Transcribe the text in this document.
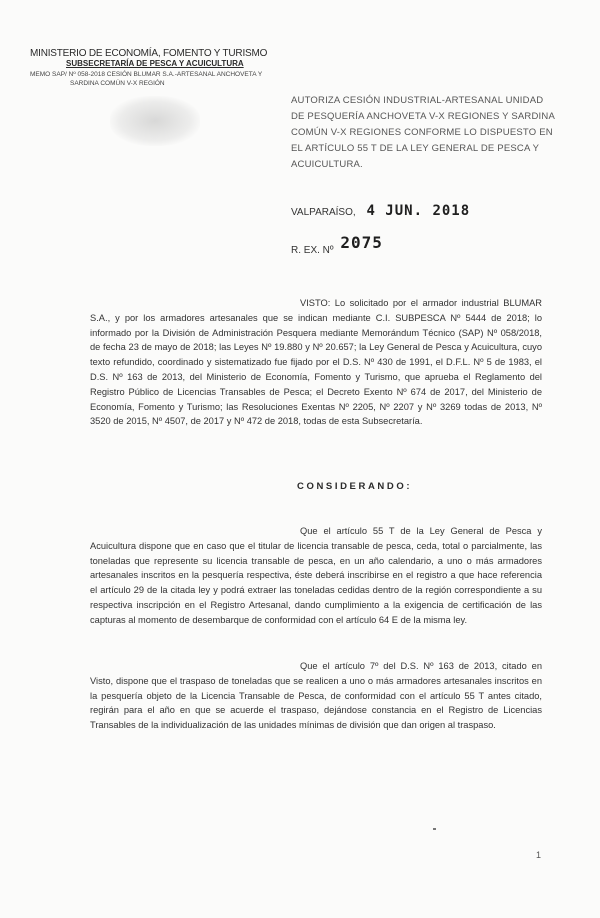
MINISTERIO DE ECONOMÍA, FOMENTO Y TURISMO
SUBSECRETARÍA DE PESCA Y ACUICULTURA
MEMO SAP/ Nº 058-2018 CESIÓN BLUMAR S.A.-ARTESANAL ANCHOVETA Y
SARDINA COMÚN V-X REGIÓN
AUTORIZA CESIÓN INDUSTRIAL-ARTESANAL UNIDAD DE PESQUERÍA ANCHOVETA V-X REGIONES Y SARDINA COMÚN V-X REGIONES CONFORME LO DISPUESTO EN EL ARTÍCULO 55 T DE LA LEY GENERAL DE PESCA Y ACUICULTURA.
VALPARAÍSO, 4 JUN. 2018
R. EX. Nº 2075
VISTO: Lo solicitado por el armador industrial BLUMAR S.A., y por los armadores artesanales que se indican mediante C.I. SUBPESCA Nº 5444 de 2018; lo informado por la División de Administración Pesquera mediante Memorándum Técnico (SAP) Nº 058/2018, de fecha 23 de mayo de 2018; las Leyes Nº 19.880 y Nº 20.657; la Ley General de Pesca y Acuicultura, cuyo texto refundido, coordinado y sistematizado fue fijado por el D.S. Nº 430 de 1991, el D.F.L. Nº 5 de 1983, el D.S. Nº 163 de 2013, del Ministerio de Economía, Fomento y Turismo, que aprueba el Reglamento del Registro Público de Licencias Transables de Pesca; el Decreto Exento Nº 674 de 2017, del Ministerio de Economía, Fomento y Turismo; las Resoluciones Exentas Nº 2205, Nº 2207 y Nº 3269 todas de 2013, Nº 3520 de 2015, Nº 4507, de 2017 y Nº 472 de 2018, todas de esta Subsecretaría.
CONSIDERANDO:
Que el artículo 55 T de la Ley General de Pesca y Acuicultura dispone que en caso que el titular de licencia transable de pesca, ceda, total o parcialmente, las toneladas que represente su licencia transable de pesca, en un año calendario, a uno o más armadores artesanales inscritos en la pesquería respectiva, éste deberá inscribirse en el registro a que hace referencia el artículo 29 de la citada ley y podrá extraer las toneladas cedidas dentro de la región correspondiente a su respectiva inscripción en el Registro Artesanal, dando cumplimiento a la exigencia de certificación de las capturas al momento de desembarque de conformidad con el artículo 64 E de la misma ley.
Que el artículo 7º del D.S. Nº 163 de 2013, citado en Visto, dispone que el traspaso de toneladas que se realicen a uno o más armadores artesanales inscritos en la pesquería objeto de la Licencia Transable de Pesca, de conformidad con el artículo 55 T antes citado, regirán para el año en que se acuerde el traspaso, dejándose constancia en el Registro de Licencias Transables de la individualización de las unidades mínimas de división que dan origen al traspaso.
1
